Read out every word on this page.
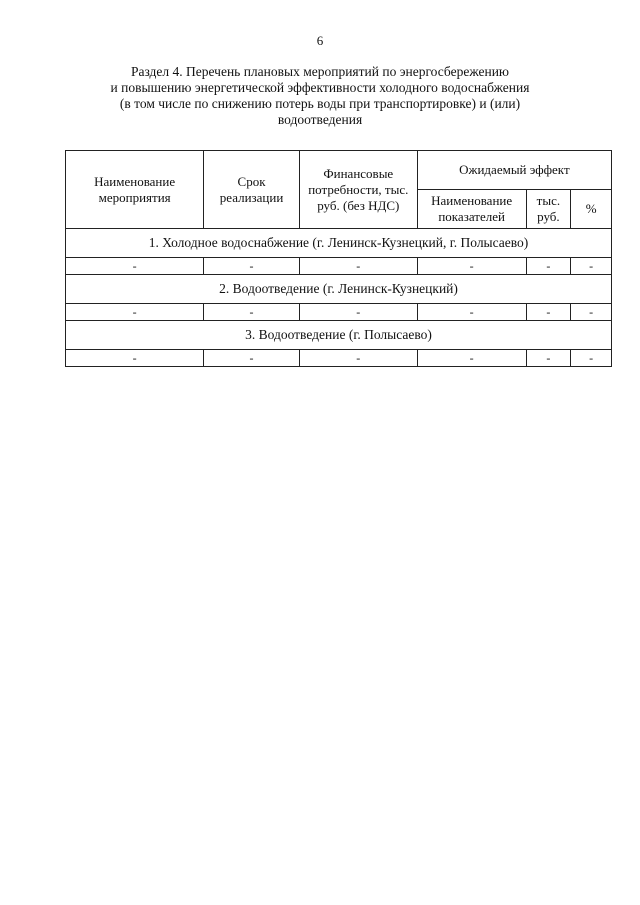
6
Раздел 4. Перечень плановых мероприятий по энергосбережению
и повышению энергетической эффективности холодного водоснабжения
(в том числе по снижению потерь воды при транспортировке) и (или)
водоотведения
Наименование мероприятия	Срок реализации	Финансовые потребности, тыс. руб. (без НДС)	Ожидаемый эффект		
			Наименование показателей	тыс. руб.	%
1. Холодное водоснабжение (г. Ленинск-Кузнецкий, г. Полысаево)					
-	-	-	-	-	-
2. Водоотведение (г. Ленинск-Кузнецкий)					
-	-	-	-	-	-
3. Водоотведение (г. Полысаево)					
-	-	-	-	-	-
